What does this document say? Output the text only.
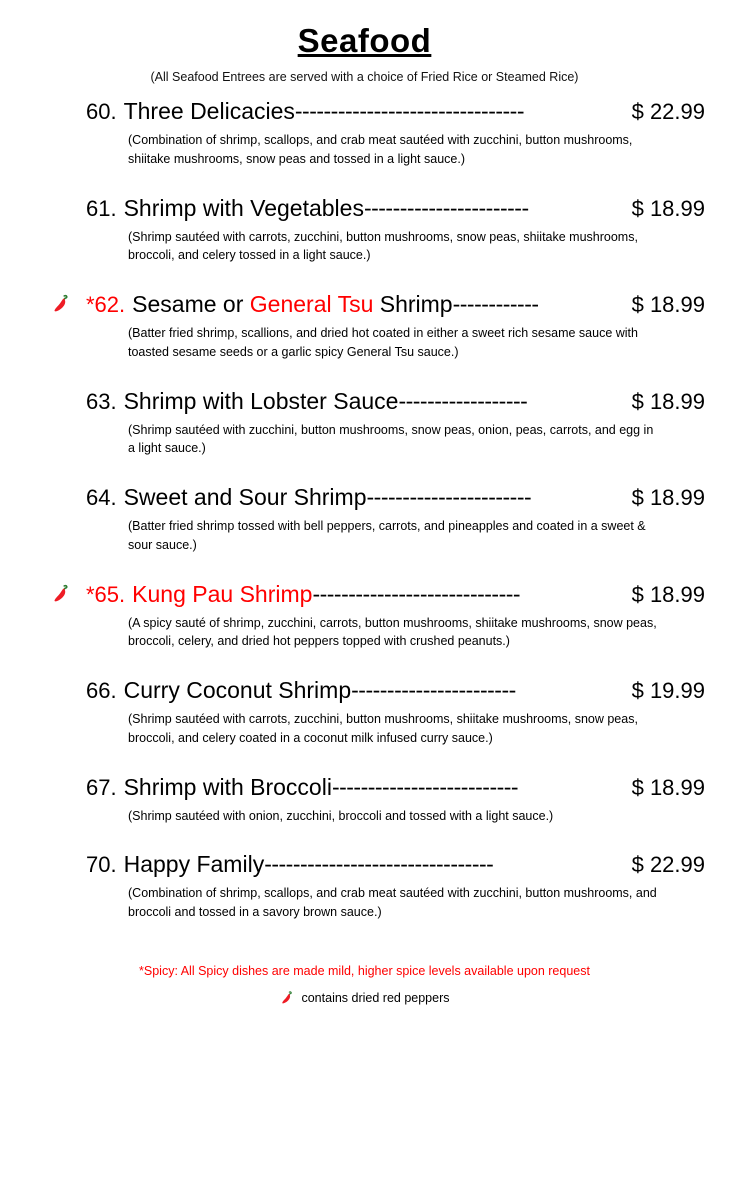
Seafood
(All Seafood Entrees are served with a choice of Fried Rice or Steamed Rice)
60. Three Delicacies --------------------------------	$ 22.99
(Combination of shrimp, scallops, and crab meat sautéed with zucchini, button mushrooms, shiitake mushrooms, snow peas and tossed in a light sauce.)
61. Shrimp with Vegetables -----------------------	$ 18.99
(Shrimp sautéed with carrots, zucchini, button mushrooms, snow peas, shiitake mushrooms, broccoli, and celery tossed in a light sauce.)
*62. Sesame or General Tsu Shrimp ------------	$ 18.99
(Batter fried shrimp, scallions, and dried hot coated in either a sweet rich sesame sauce with toasted sesame seeds or a garlic spicy General Tsu sauce.)
63. Shrimp with Lobster Sauce ------------------	$ 18.99
(Shrimp sautéed with zucchini, button mushrooms, snow peas, onion, peas, carrots, and egg in a light sauce.)
64. Sweet and Sour Shrimp -----------------------	$ 18.99
(Batter fried shrimp tossed with bell peppers, carrots, and pineapples and coated in a sweet & sour sauce.)
*65. Kung Pau Shrimp -----------------------------	$ 18.99
(A spicy sauté of shrimp, zucchini, carrots, button mushrooms, shiitake mushrooms, snow peas, broccoli, celery, and dried hot peppers topped with crushed peanuts.)
66. Curry Coconut Shrimp -----------------------	$ 19.99
(Shrimp sautéed with carrots, zucchini, button mushrooms, shiitake mushrooms, snow peas, broccoli, and celery coated in a coconut milk infused curry sauce.)
67. Shrimp with Broccoli --------------------------	$ 18.99
(Shrimp sautéed with onion, zucchini, broccoli and tossed with a light sauce.)
70. Happy Family --------------------------------	$ 22.99
(Combination of shrimp, scallops, and crab meat sautéed with zucchini, button mushrooms, and broccoli and tossed in a savory brown sauce.)
*Spicy: All Spicy dishes are made mild, higher spice levels available upon request
contains dried red peppers
